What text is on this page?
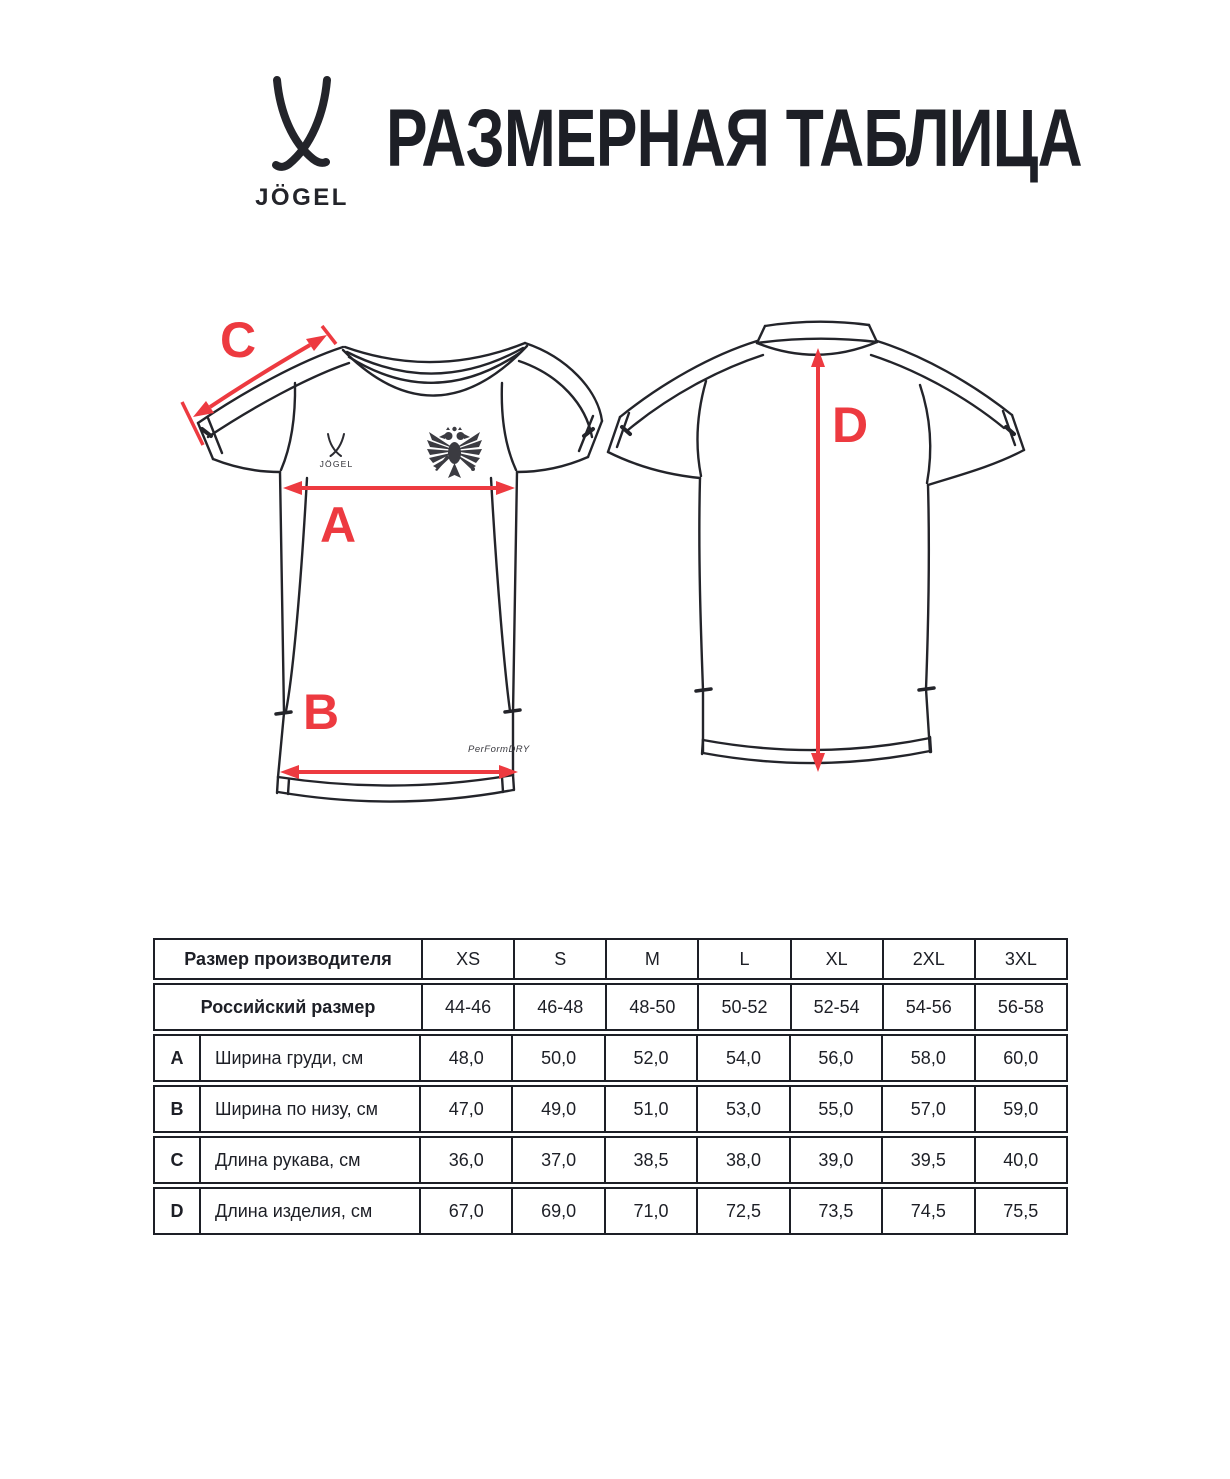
JÖGEL
РАЗМЕРНАЯ ТАБЛИЦА
JÖGEL
PerFormDRY
C
A
B
D
Размер производителя	XS	S	M	L	XL	2XL	3XL
Российский размер	44-46	46-48	48-50	50-52	52-54	54-56	56-58
A	Ширина груди, см	48,0	50,0	52,0	54,0	56,0	58,0	60,0
B	Ширина по низу, см	47,0	49,0	51,0	53,0	55,0	57,0	59,0
C	Длина рукава, см	36,0	37,0	38,5	38,0	39,0	39,5	40,0
D	Длина изделия, см	67,0	69,0	71,0	72,5	73,5	74,5	75,5
